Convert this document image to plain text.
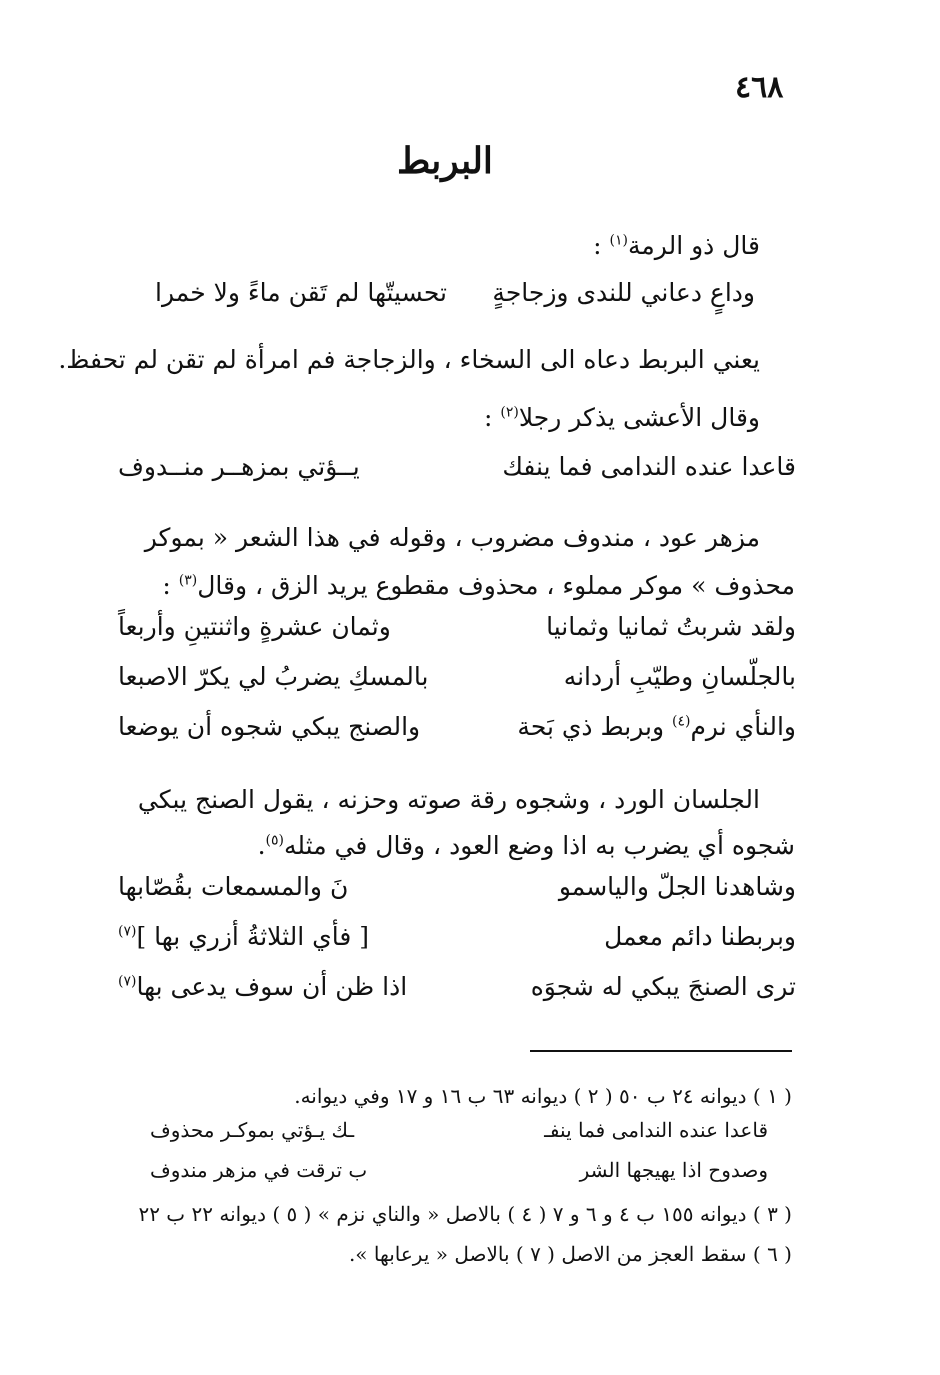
٤٦٨
البربط
قال ذو الرمة$^{(١)}$ :
وداعٍ دعاني للندى وزجاجةٍ
تحسيتّها لم تَقن ماءً ولا خمرا
يعني البربط دعاه الى السخاء ، والزجاجة فم امرأة لم تقن لم تحفظ.
وقال الأعشى يذكر رجلا$^{(٢)}$ :
قاعدا عنده الندامى فما ينفك
يــؤتي بمزهــر منــدوف
مزهر عود ، مندوف مضروب ، وقوله في هذا الشعر « بموكر
محذوف » موكر مملوء ، محذوف مقطوع يريد الزق ، وقال$^{(٣)}$ :
ولقد شربتُ ثمانيا وثمانيا
وثمان عشرةٍ واثنتينِ وأربعاً
بالجلّسانِ وطيّبِ أردانه
بالمسكِ يضربُ لي يكرّ الاصبعا
والنأي نرم$^{(٤)}$ وبربط ذي بَحة
والصنج يبكي شجوه أن يوضعا
الجلسان الورد ، وشجوه رقة صوته وحزنه ، يقول الصنج يبكي
شجوه أي يضرب به اذا وضع العود ، وقال في مثله$^{(٥)}$.
وشاهدنا الجلّ والياسمو
نَ والمسمعات بقُصّابها
وبربطنا دائم معمل
[ فأي الثلاثةُ أزري بها ]$^{(٧)}$
ترى الصنجَ يبكي له شجوَه
اذا ظن أن سوف يدعى بها$^{(٧)}$
( ١ ) ديوانه ٢٤ ب ٥٠ ( ٢ ) ديوانه ٦٣ ب ١٦ و ١٧ وفي ديوانه.
قاعدا عنده الندامى فما ينفـ
ـك يـؤتي بموكـر محذوف
وصدوح اذا يهيجها الشر
ب ترقت في مزهر مندوف
( ٣ ) ديوانه ١٥٥ ب ٤ و ٦ و ٧ ( ٤ ) بالاصل « والناي نزم » ( ٥ ) ديوانه ٢٢ ب ٢٢
( ٦ ) سقط العجز من الاصل ( ٧ ) بالاصل « يرعابها ».
